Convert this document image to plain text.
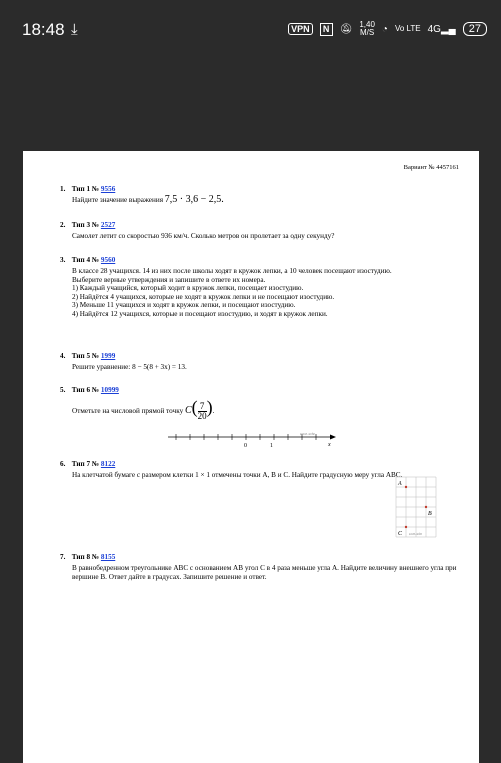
18:48 ⤓	VPN	N	🔕︎ 1,40
M/S ◔ Vo LTE 4G▂▄	27
Вариант № 4457161
1. Тип 1 № 9556
Найдите значение выражения 7,5 · 3,6 − 2,5.
2. Тип 3 № 2527
Самолет летит со скоростью 936 км/ч. Сколько метров он пролетает за одну секунду?
3. Тип 4 № 9560
В классе 28 учащихся. 14 из них после школы ходят в кружок лепки, а 10 человек посещают изостудию.
Выберите верные утверждения и запишите в ответе их номера.
1) Каждый учащийся, который ходит в кружок лепки, посещает изостудию.
2) Найдётся 4 учащихся, которые не ходят в кружок лепки и не посещают изостудию.
3) Меньше 11 учащихся и ходят в кружок лепки, и посещают изостудию.
4) Найдётся 12 учащихся, которые и посещают изостудию, и ходят в кружок лепки.
4. Тип 5 № 1999
Решите уравнение: 8 − 5(8 + 3x) = 13.
5. Тип 6 № 10999
Отметьте на числовой прямой точку $C( \frac{7}{20}$ ).
0	1
ɕoʍ.ǝdɐ
x
6. Тип 7 № 8122
На клетчатой бумаге с размером клетки 1 × 1 отмечены точки A, B и C. Найдите градусную меру угла ABC.
A
B
C ɕoʍ.ǝdɐ
7. Тип 8 № 8155
В равнобедренном треугольнике ABC с основанием AB угол C в 4 раза меньше угла A. Найдите величину внешнего угла при вершине B. Ответ дайте в градусах. Запишите решение и ответ.
